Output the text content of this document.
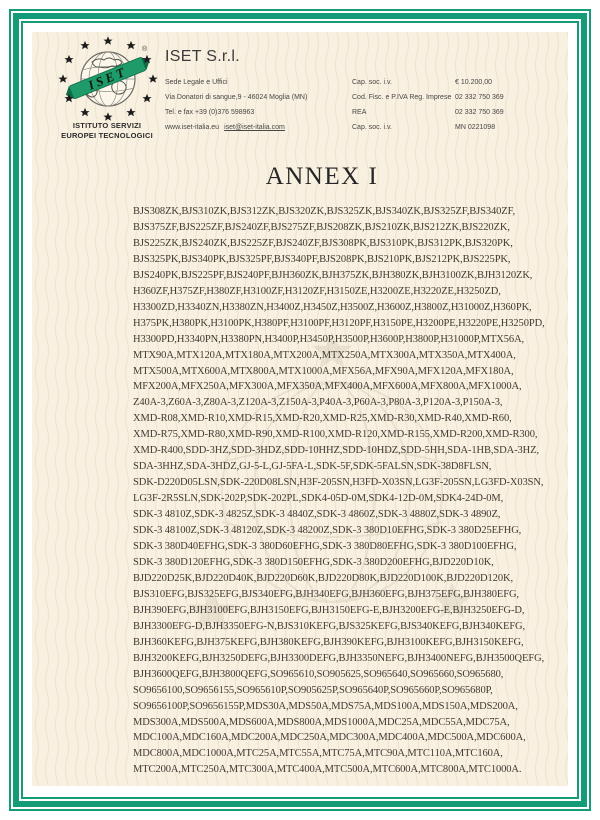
ISET
®
ISTITUTO SERVIZI
EUROPEI TECNOLOGICI
ISET S.r.l.
Sede Legale e Uffici
Via Donatori di sangue,9 - 46024 Moglia (MN)
Tel. e fax +39 (0)376 598963
www.iset-italia.eu iset@iset-italia.com
Cap. soc. i.v.	€ 10.200,00
Cod. Fisc. e P.IVA Reg. Imprese 02 332 750 369
REA	02 332 750 369
Cap. soc. i.v.	MN 0221098
ANNEX I
BJS308ZK,BJS310ZK,BJS312ZK,BJS320ZK,BJS325ZK,BJS340ZK,BJS325ZF,BJS340ZF,
BJS375ZF,BJS225ZF,BJS240ZF,BJS275ZF,BJS208ZK,BJS210ZK,BJS212ZK,BJS220ZK,
BJS225ZK,BJS240ZK,BJS225ZF,BJS240ZF,BJS308PK,BJS310PK,BJS312PK,BJS320PK,
BJS325PK,BJS340PK,BJS325PF,BJS340PF,BJS208PK,BJS210PK,BJS212PK,BJS225PK,
BJS240PK,BJS225PF,BJS240PF,BJH360ZK,BJH375ZK,BJH380ZK,BJH3100ZK,BJH3120ZK,
H360ZF,H375ZF,H380ZF,H3100ZF,H3120ZF,H3150ZE,H3200ZE,H3220ZE,H3250ZD,
H3300ZD,H3340ZN,H3380ZN,H3400Z,H3450Z,H3500Z,H3600Z,H3800Z,H31000Z,H360PK,
H375PK,H380PK,H3100PK,H380PF,H3100PF,H3120PF,H3150PE,H3200PE,H3220PE,H3250PD,
H3300PD,H3340PN,H3380PN,H3400P,H3450P,H3500P,H3600P,H3800P,H31000P,MTX56A,
MTX90A,MTX120A,MTX180A,MTX200A,MTX250A,MTX300A,MTX350A,MTX400A,
MTX500A,MTX600A,MTX800A,MTX1000A,MFX56A,MFX90A,MFX120A,MFX180A,
MFX200A,MFX250A,MFX300A,MFX350A,MFX400A,MFX600A,MFX800A,MFX1000A,
Z40A-3,Z60A-3,Z80A-3,Z120A-3,Z150A-3,P40A-3,P60A-3,P80A-3,P120A-3,P150A-3,
XMD-R08,XMD-R10,XMD-R15,XMD-R20,XMD-R25,XMD-R30,XMD-R40,XMD-R60,
XMD-R75,XMD-R80,XMD-R90,XMD-R100,XMD-R120,XMD-R155,XMD-R200,XMD-R300,
XMD-R400,SDD-3HZ,SDD-3HDZ,SDD-10HHZ,SDD-10HDZ,SDD-5HH,SDA-1HB,SDA-3HZ,
SDA-3HHZ,SDA-3HDZ,GJ-5-L,GJ-5FA-L,SDK-5F,SDK-5FALSN,SDK-38D8FLSN,
SDK-D220D05LSN,SDK-220D08LSN,H3F-205SN,H3FD-X03SN,LG3F-205SN,LG3FD-X03SN,
LG3F-2R5SLN,SDK-202P,SDK-202PL,SDK4-05D-0M,SDK4-12D-0M,SDK4-24D-0M,
SDK-3 4810Z,SDK-3 4825Z,SDK-3 4840Z,SDK-3 4860Z,SDK-3 4880Z,SDK-3 4890Z,
SDK-3 48100Z,SDK-3 48120Z,SDK-3 48200Z,SDK-3 380D10EFHG,SDK-3 380D25EFHG,
SDK-3 380D40EFHG,SDK-3 380D60EFHG,SDK-3 380D80EFHG,SDK-3 380D100EFHG,
SDK-3 380D120EFHG,SDK-3 380D150EFHG,SDK-3 380D200EFHG,BJD220D10K,
BJD220D25K,BJD220D40K,BJD220D60K,BJD220D80K,BJD220D100K,BJD220D120K,
BJS310EFG,BJS325EFG,BJS340EFG,BJH340EFG,BJH360EFG,BJH375EFG,BJH380EFG,
BJH390EFG,BJH3100EFG,BJH3150EFG,BJH3150EFG-E,BJH3200EFG-E,BJH3250EFG-D,
BJH3300EFG-D,BJH3350EFG-N,BJS310KEFG,BJS325KEFG,BJS340KEFG,BJH340KEFG,
BJH360KEFG,BJH375KEFG,BJH380KEFG,BJH390KEFG,BJH3100KEFG,BJH3150KEFG,
BJH3200KEFG,BJH3250DEFG,BJH3300DEFG,BJH3350NEFG,BJH3400NEFG,BJH3500QEFG,
BJH3600QEFG,BJH3800QEFG,SO965610,SO905625,SO965640,SO965660,SO965680,
SO9656100,SO9656155,SO965610P,SO905625P,SO965640P,SO965660P,SO965680P,
SO9656100P,SO9656155P,MDS30A,MDS50A,MDS75A,MDS100A,MDS150A,MDS200A,
MDS300A,MDS500A,MDS600A,MDS800A,MDS1000A,MDC25A,MDC55A,MDC75A,
MDC100A,MDC160A,MDC200A,MDC250A,MDC300A,MDC400A,MDC500A,MDC600A,
MDC800A,MDC1000A,MTC25A,MTC55A,MTC75A,MTC90A,MTC110A,MTC160A,
MTC200A,MTC250A,MTC300A,MTC400A,MTC500A,MTC600A,MTC800A,MTC1000A.
